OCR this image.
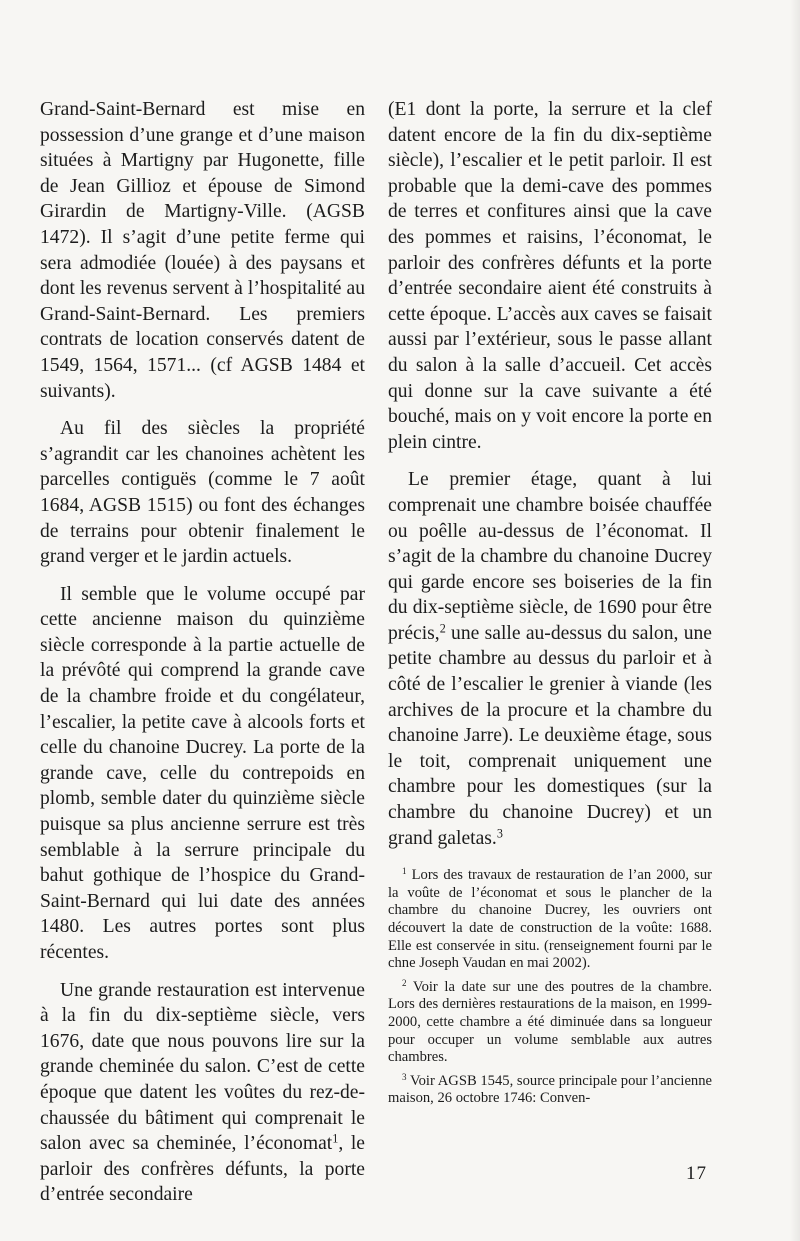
Grand-Saint-Bernard est mise en possession d’une grange et d’une maison situées à Martigny par Hugonette, fille de Jean Gillioz et épouse de Simond Girardin de Martigny-Ville. (AGSB 1472). Il s’agit d’une petite ferme qui sera admodiée (louée) à des paysans et dont les revenus servent à l’hospitalité au Grand-Saint-Bernard. Les premiers contrats de location conservés datent de 1549, 1564, 1571... (cf AGSB 1484 et suivants).

Au fil des siècles la propriété s’agrandit car les chanoines achètent les parcelles contiguës (comme le 7 août 1684, AGSB 1515) ou font des échanges de terrains pour obtenir finalement le grand verger et le jardin actuels.

Il semble que le volume occupé par cette ancienne maison du quinzième siècle corresponde à la partie actuelle de la prévôté qui comprend la grande cave de la chambre froide et du congélateur, l’escalier, la petite cave à alcools forts et celle du chanoine Ducrey. La porte de la grande cave, celle du contrepoids en plomb, semble dater du quinzième siècle puisque sa plus ancienne serrure est très semblable à la serrure principale du bahut gothique de l’hospice du Grand-Saint-Bernard qui lui date des années 1480. Les autres portes sont plus récentes.

Une grande restauration est intervenue à la fin du dix-septième siècle, vers 1676, date que nous pouvons lire sur la grande cheminée du salon. C’est de cette époque que datent les voûtes du rez-de-chaussée du bâtiment qui comprenait le salon avec sa cheminée, l’économat$^1$, le parloir des confrères défunts, la porte d’entrée secondaire

(E1 dont la porte, la serrure et la clef datent encore de la fin du dix-septième siècle), l’escalier et le petit parloir. Il est probable que la demi-cave des pommes de terres et confitures ainsi que la cave des pommes et raisins, l’économat, le parloir des confrères défunts et la porte d’entrée secondaire aient été construits à cette époque. L’accès aux caves se faisait aussi par l’extérieur, sous le passe allant du salon à la salle d’accueil. Cet accès qui donne sur la cave suivante a été bouché, mais on y voit encore la porte en plein cintre.

Le premier étage, quant à lui comprenait une chambre boisée chauffée ou poêlle au-dessus de l’économat. Il s’agit de la chambre du chanoine Ducrey qui garde encore ses boiseries de la fin du dix-septième siècle, de 1690 pour être précis,$^2$ une salle au-dessus du salon, une petite chambre au dessus du parloir et à côté de l’escalier le grenier à viande (les archives de la procure et la chambre du chanoine Jarre). Le deuxième étage, sous le toit, comprenait uniquement une chambre pour les domestiques (sur la chambre du chanoine Ducrey) et un grand galetas.$^3$

$^1$ Lors des travaux de restauration de l’an 2000, sur la voûte de l’économat et sous le plancher de la chambre du chanoine Ducrey, les ouvriers ont découvert la date de construction de la voûte: 1688. Elle est conservée in situ. (renseignement fourni par le chne Joseph Vaudan en mai 2002).

$^2$ Voir la date sur une des poutres de la chambre. Lors des dernières restaurations de la maison, en 1999-2000, cette chambre a été diminuée dans sa longueur pour occuper un volume semblable aux autres chambres.

$^3$ Voir AGSB 1545, source principale pour l’ancienne maison, 26 octobre 1746: Conven-

17
